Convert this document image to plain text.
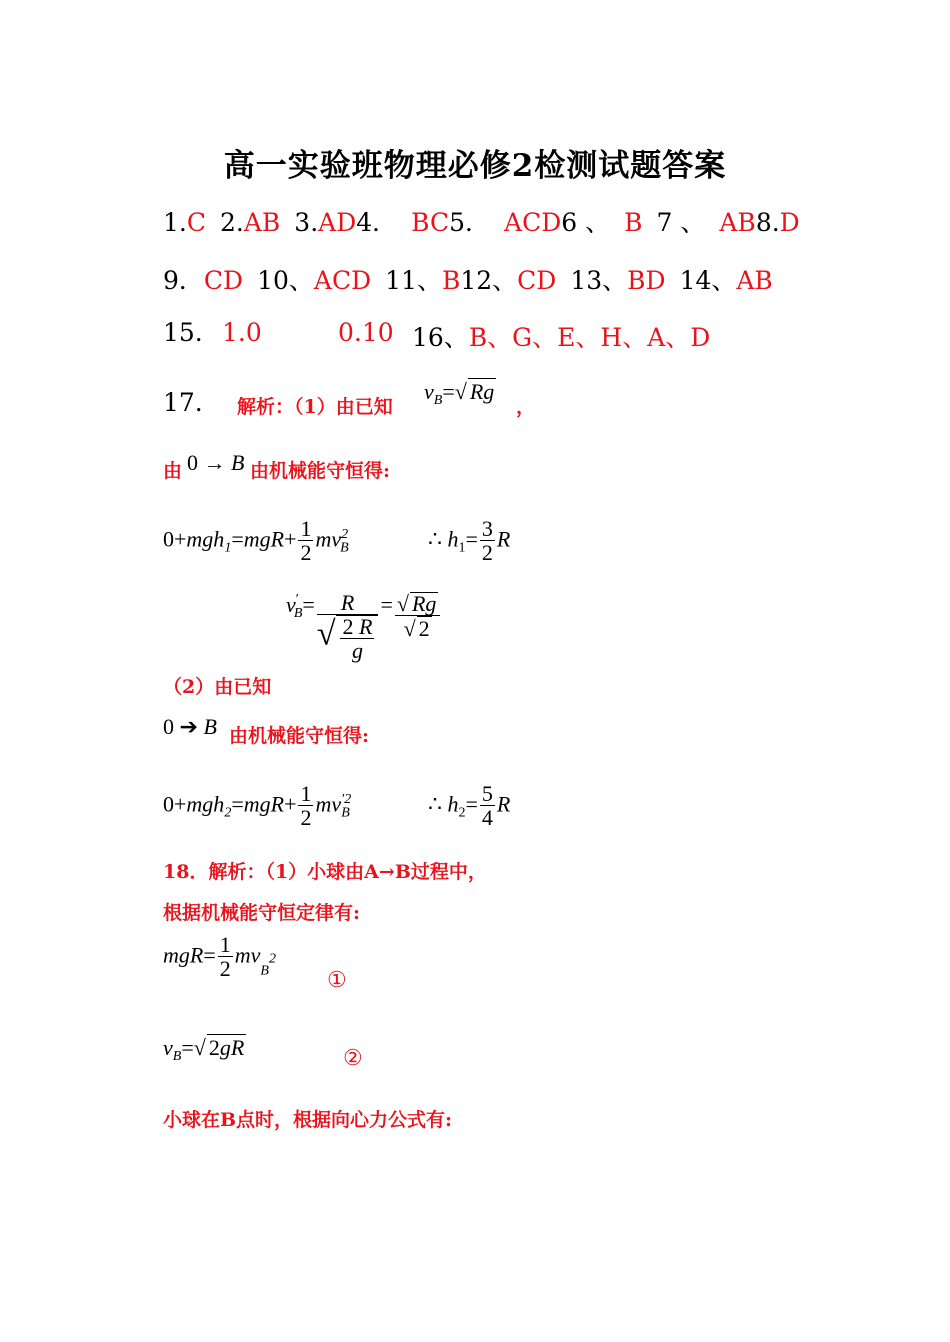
高一实验班物理必修2检测试题答案
1.C 2.AB 3.AD4． BC5． ACD6 、 B 7 、 AB8.D
9．CD 10、ACD 11、B12、CD 13、BD 14、AB
15. 1.0	0.10 16、B、G、E、H、A、D
17. 解析：（1）由已知
$v_B=√$ Rg
，
由 0 → B 由机械能守恒得:
$0+mgh_1=mgR+ \frac{1}{2} mv^2_B$	∴ $h_1= \frac{3}{2}$ R
$v'_B= \frac{R}{√ \frac{2 R}{g}} = \frac{√ Rg}{√ 2}$
（2）由已知
0 ➔ B 由机械能守恒得:
$0+mgh_2=mgR+ \frac{1}{2} mv^{'2}_B$	∴ $h_2= \frac{5}{4}$ R
18．解析：（1）小球由A→B过程中，
根据机械能守恒定律有:
$mgR= \frac{1}{2} mv_B2$
①
$v_B=√$ 2gR	②
小球在B点时，根据向心力公式有:
